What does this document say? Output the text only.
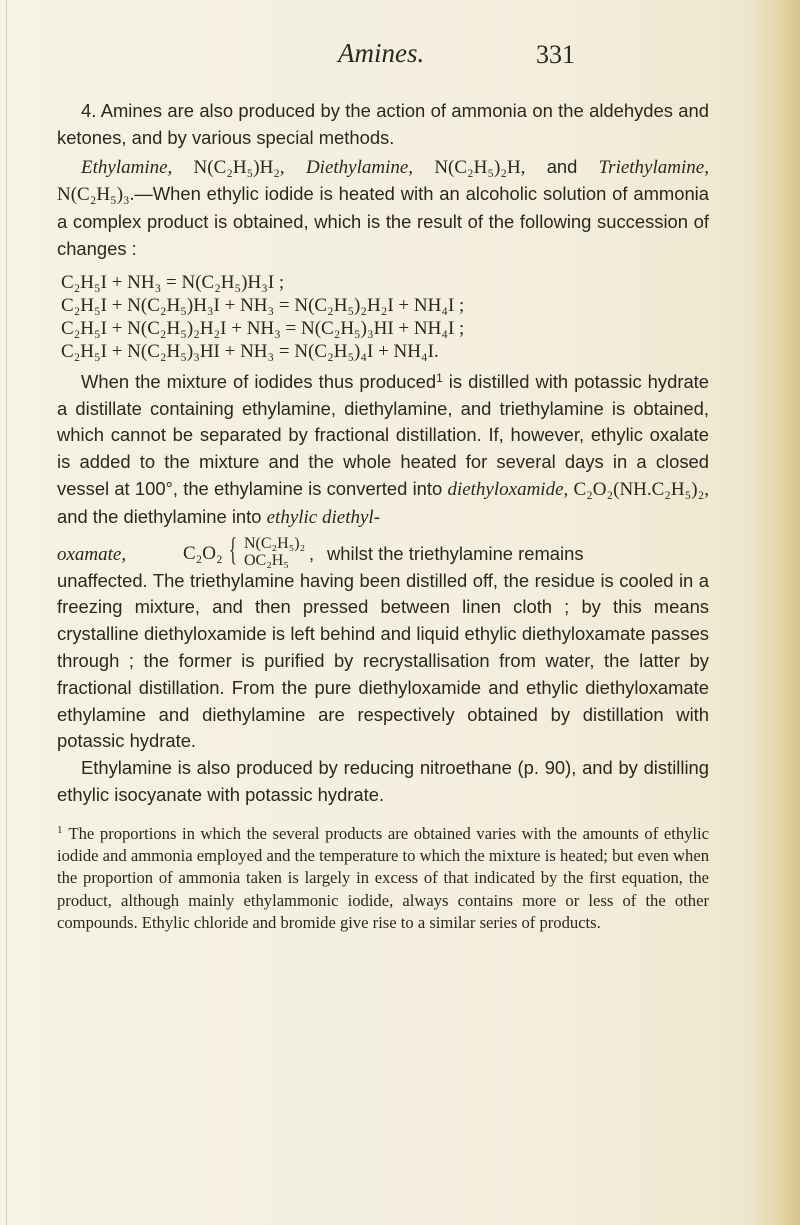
Amines.	331

4. Amines are also produced by the action of ammonia on the aldehydes and ketones, and by various special methods.

Ethylamine, N(C₂H₅)H₂, Diethylamine, N(C₂H₅)₂H, and Triethylamine, N(C₂H₅)₃.—When ethylic iodide is heated with an alcoholic solution of ammonia a complex product is obtained, which is the result of the following succession of changes :

C₂H₅I + NH₃ = N(C₂H₅)H₃I ;
C₂H₅I + N(C₂H₅)H₃I + NH₃ = N(C₂H₅)₂H₂I + NH₄I ;
C₂H₅I + N(C₂H₅)₂H₂I + NH₃ = N(C₂H₅)₃HI + NH₄I ;
C₂H₅I + N(C₂H₅)₃HI + NH₃ = N(C₂H₅)₄I + NH₄I.

When the mixture of iodides thus produced$^1$ is distilled with potassic hydrate a distillate containing ethylamine, diethylamine, and triethylamine is obtained, which cannot be separated by fractional distillation. If, however, ethylic oxalate is added to the mixture and the whole heated for several days in a closed vessel at 100°, the ethylamine is converted into diethyloxamide, C₂O₂(NH.C₂H₅)₂, and the diethylamine into ethylic diethyl-

oxamate,	C₂O₂ { N(C₂H₅)₂
OC₂H₅ , whilst the triethylamine remains

unaffected. The triethylamine having been distilled off, the residue is cooled in a freezing mixture, and then pressed between linen cloth ; by this means crystalline diethyloxamide is left behind and liquid ethylic diethyloxamate passes through ; the former is purified by recrystallisation from water, the latter by fractional distillation. From the pure diethyloxamide and ethylic diethyloxamate ethylamine and diethylamine are respectively obtained by distillation with potassic hydrate.

Ethylamine is also produced by reducing nitroethane (p. 90), and by distilling ethylic isocyanate with potassic hydrate.

$^1$ The proportions in which the several products are obtained varies with the amounts of ethylic iodide and ammonia employed and the temperature to which the mixture is heated; but even when the proportion of ammonia taken is largely in excess of that indicated by the first equation, the product, although mainly ethylammonic iodide, always contains more or less of the other compounds. Ethylic chloride and bromide give rise to a similar series of products.
